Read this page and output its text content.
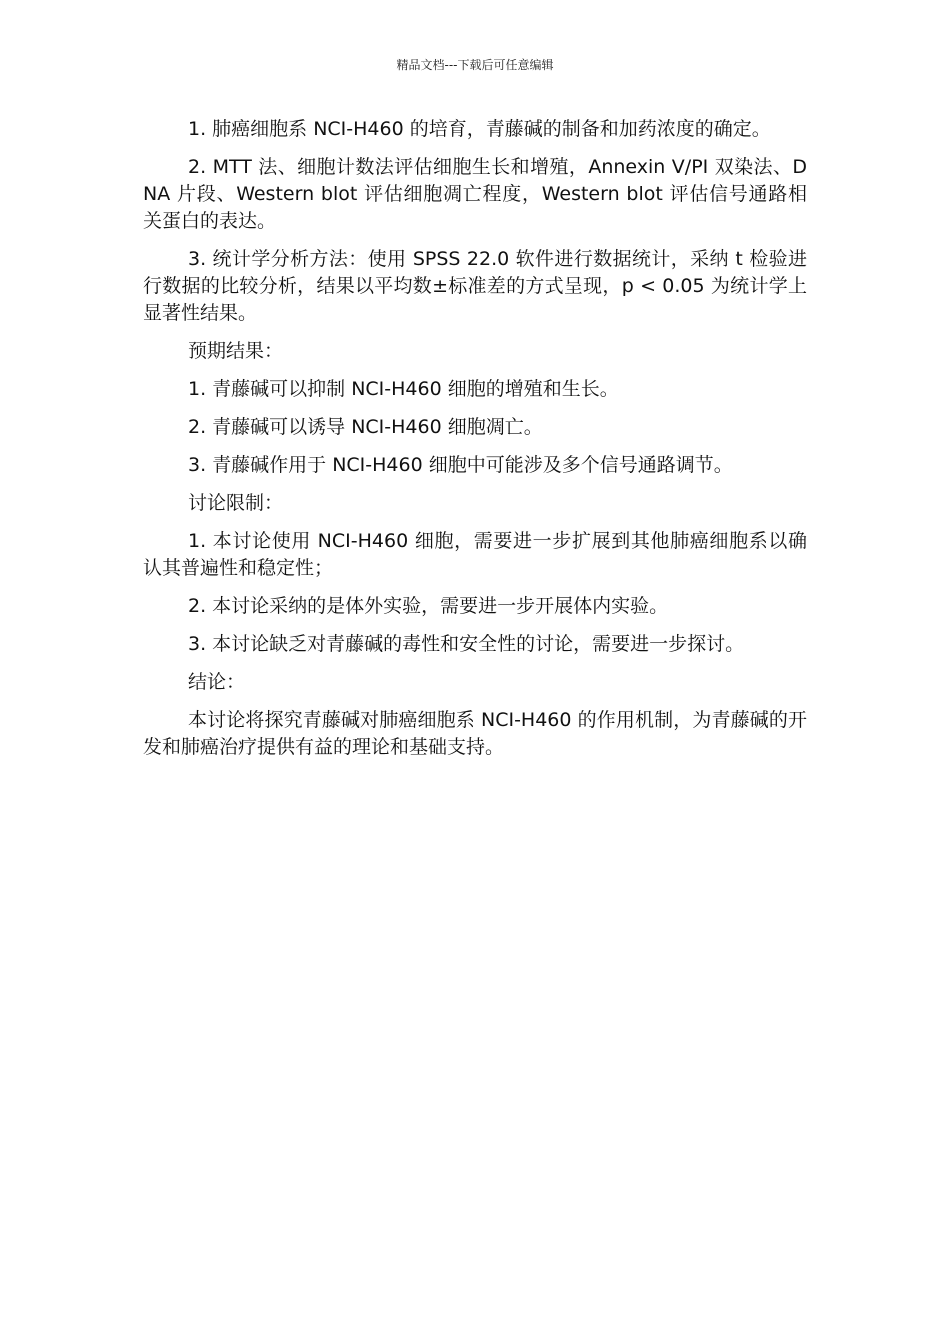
精品文档---下载后可任意编辑

1. 肺癌细胞系 NCI-H460 的培育，青藤碱的制备和加药浓度的确定。

2. MTT 法、细胞计数法评估细胞生长和增殖，Annexin V/PI 双染法、DNA 片段、Western blot 评估细胞凋亡程度，Western blot 评估信号通路相关蛋白的表达。

3. 统计学分析方法：使用 SPSS 22.0 软件进行数据统计，采纳 t 检验进行数据的比较分析，结果以平均数±标准差的方式呈现，p < 0.05 为统计学上显著性结果。

预期结果：

1. 青藤碱可以抑制 NCI-H460 细胞的增殖和生长。

2. 青藤碱可以诱导 NCI-H460 细胞凋亡。

3. 青藤碱作用于 NCI-H460 细胞中可能涉及多个信号通路调节。

讨论限制：

1. 本讨论使用 NCI-H460 细胞，需要进一步扩展到其他肺癌细胞系以确认其普遍性和稳定性；

2. 本讨论采纳的是体外实验，需要进一步开展体内实验。

3. 本讨论缺乏对青藤碱的毒性和安全性的讨论，需要进一步探讨。

结论：

本讨论将探究青藤碱对肺癌细胞系 NCI-H460 的作用机制，为青藤碱的开发和肺癌治疗提供有益的理论和基础支持。
